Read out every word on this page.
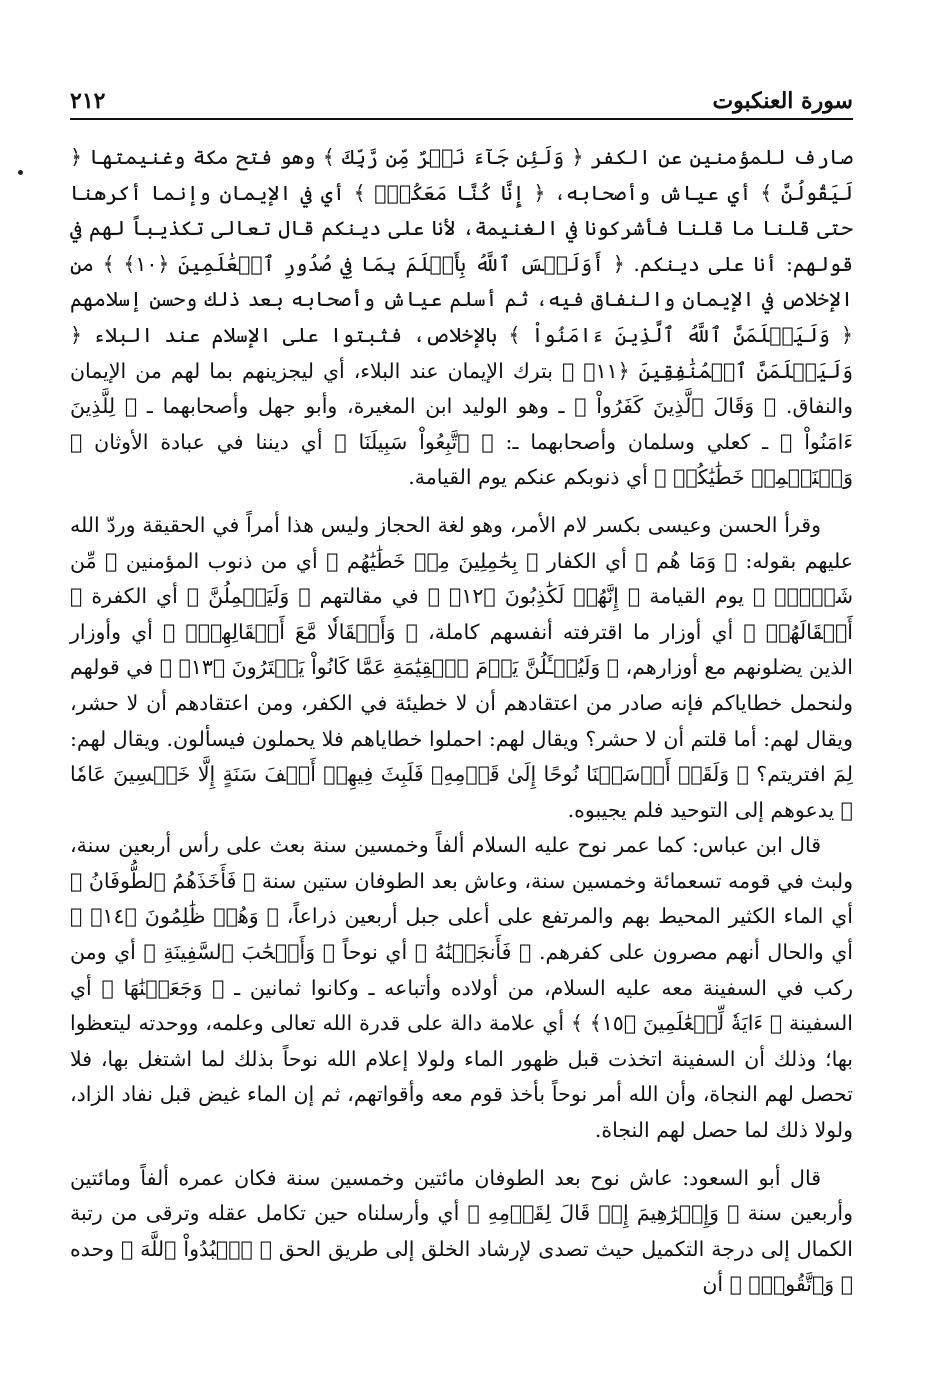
سورة العنكبوت
٢١٢

صارف للمؤمنين عن الكفر ﴿ وَلَئِن جَآءَ نَصۡرٌ مِّن رَّبِّكَ ﴾ وهو فتح مكة وغنيمتها ﴿ لَيَقُولُنَّ ﴾ أي عياش وأصحابه، ﴿ إِنَّا كُنَّا مَعَكُمۡۚ ﴾ أي في الإيمان وإنما أكرهنا حتى قلنا ما قلنا فأشركونا في الغنيمة، لأنا على دينكم قال تعالى تكذيباً لهم في قولهم: أنا على دينكم. ﴿ أَوَلَيۡسَ ٱللَّهُ بِأَعۡلَمَ بِمَا فِي صُدُورِ ٱلۡعَٰلَمِينَ ﴿١٠﴾ ﴾ من الإخلاص في الإيمان والنفاق فيه، ثم أسلم عياش وأصحابه بعد ذلك وحسن إسلامهم ﴿ وَلَيَعۡلَمَنَّ ٱللَّهُ ٱلَّذِينَ ءَامَنُواْ ﴾ بالإخلاص، فثبتوا على الإسلام عند البلاء ﴿ وَلَيَعۡلَمَنَّ ٱلۡمُنَٰفِقِينَ ﴿١١﴾ ﴾ بترك الإيمان عند البلاء، أي ليجزينهم بما لهم من الإيمان والنفاق. ﴿ وَقَالَ ٱلَّذِينَ كَفَرُواْ ﴾ ـ وهو الوليد ابن المغيرة، وأبو جهل وأصحابهما ـ ﴿ لِلَّذِينَ ءَامَنُواْ ﴾ ـ كعلي وسلمان وأصحابهما ـ: ﴿ ٱتَّبِعُواْ سَبِيلَنَا ﴾ أي ديننا في عبادة الأوثان ﴿ وَلۡنَحۡمِلۡ خَطَٰيَٰكُمۡ ﴾ أي ذنوبكم عنكم يوم القيامة.

وقرأ الحسن وعيسى بكسر لام الأمر، وهو لغة الحجاز وليس هذا أمراً في الحقيقة وردّ الله عليهم بقوله: ﴿ وَمَا هُم ﴾ أي الكفار ﴿ بِحَٰمِلِينَ مِنۡ خَطَٰيَٰهُم ﴾ أي من ذنوب المؤمنين ﴿ مِّن شَيۡءٍۖ ﴾ يوم القيامة ﴿ إِنَّهُمۡ لَكَٰذِبُونَ ﴿١٢﴾ ﴾ في مقالتهم ﴿ وَلَيَحۡمِلُنَّ ﴾ أي الكفرة ﴿ أَثۡقَالَهُمۡ ﴾ أي أوزار ما اقترفته أنفسهم كاملة، ﴿ وَأَثۡقَالٗا مَّعَ أَثۡقَالِهِمۡۖ ﴾ أي وأوزار الذين يضلونهم مع أوزارهم، ﴿ وَلَيُسۡـَٔلُنَّ يَوۡمَ ٱلۡقِيَٰمَةِ عَمَّا كَانُواْ يَفۡتَرُونَ ﴿١٣﴾ ﴾ في قولهم ولنحمل خطاياكم فإنه صادر من اعتقادهم أن لا خطيئة في الكفر، ومن اعتقادهم أن لا حشر، ويقال لهم: أما قلتم أن لا حشر؟ ويقال لهم: احملوا خطاياهم فلا يحملون فيسألون. ويقال لهم: لِمَ افتريتم؟ ﴿ وَلَقَدۡ أَرۡسَلۡنَا نُوحًا إِلَىٰ قَوۡمِهِۦ فَلَبِثَ فِيهِمۡ أَلۡفَ سَنَةٍ إِلَّا خَمۡسِينَ عَامٗا ﴾ يدعوهم إلى التوحيد فلم يجيبوه.

قال ابن عباس: كما عمر نوح عليه السلام ألفاً وخمسين سنة بعث على رأس أربعين سنة، ولبث في قومه تسعمائة وخمسين سنة، وعاش بعد الطوفان ستين سنة ﴿ فَأَخَذَهُمُ ٱلطُّوفَانُ ﴾ أي الماء الكثير المحيط بهم والمرتفع على أعلى جبل أربعين ذراعاً، ﴿ وَهُمۡ ظَٰلِمُونَ ﴿١٤﴾ ﴾ أي والحال أنهم مصرون على كفرهم. ﴿ فَأَنجَيۡنَٰهُ ﴾ أي نوحاً ﴿ وَأَصۡحَٰبَ ٱلسَّفِينَةِ ﴾ أي ومن ركب في السفينة معه عليه السلام، من أولاده وأتباعه ـ وكانوا ثمانين ـ ﴿ وَجَعَلۡنَٰهَا ﴾ أي السفينة ﴿ ءَايَةٗ لِّلۡعَٰلَمِينَ ﴿١٥﴾ ﴾ أي علامة دالة على قدرة الله تعالى وعلمه، ووحدته ليتعظوا بها؛ وذلك أن السفينة اتخذت قبل ظهور الماء ولولا إعلام الله نوحاً بذلك لما اشتغل بها، فلا تحصل لهم النجاة، وأن الله أمر نوحاً بأخذ قوم معه وأقواتهم، ثم إن الماء غيض قبل نفاد الزاد، ولولا ذلك لما حصل لهم النجاة.

قال أبو السعود: عاش نوح بعد الطوفان مائتين وخمسين سنة فكان عمره ألفاً ومائتين وأربعين سنة ﴿ وَإِبۡرَٰهِيمَ إِذۡ قَالَ لِقَوۡمِهِ ﴾ أي وأرسلناه حين تكامل عقله وترقى من رتبة الكمال إلى درجة التكميل حيث تصدى لإرشاد الخلق إلى طريق الحق ﴿ ٱعۡبُدُواْ ٱللَّهَ ﴾ وحده ﴿ وَٱتَّقُوهُۖ ﴾ أن
